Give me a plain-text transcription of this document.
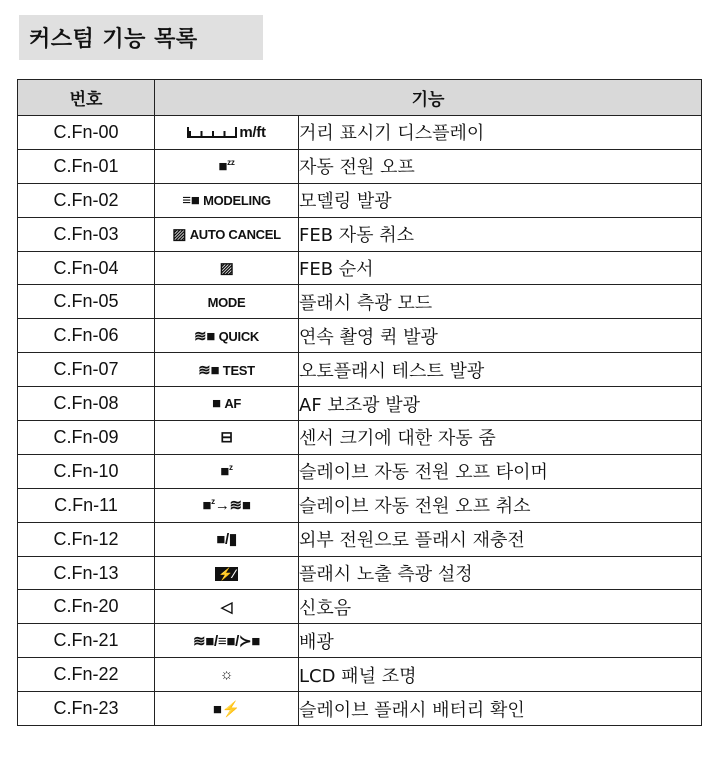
커스텀 기능 목록
번호	기능	
C.Fn-00	m/ft	거리 표시기 디스플레이
C.Fn-01	■$^{zz}$	자동 전원 오프
C.Fn-02	≡■ MODELING	모델링 발광
C.Fn-03	▨ AUTO CANCEL	FEB 자동 취소
C.Fn-04	▨	FEB 순서
C.Fn-05	MODE	플래시 측광 모드
C.Fn-06	≋■ QUICK	연속 촬영 퀵 발광
C.Fn-07	≋■ TEST	오토플래시 테스트 발광
C.Fn-08	■ AF	AF 보조광 발광
C.Fn-09	⊟	센서 크기에 대한 자동 줌
C.Fn-10	■$^z$	슬레이브 자동 전원 오프 타이머
C.Fn-11	■$^z$→≋■	슬레이브 자동 전원 오프 취소
C.Fn-12	■/▮	외부 전원으로 플래시 재충전
C.Fn-13	⚡⁄	플래시 노출 측광 설정
C.Fn-20	◁	신호음
C.Fn-21	≋■/≡■/≻■	배광
C.Fn-22	☼	LCD 패널 조명
C.Fn-23	■⚡	슬레이브 플래시 배터리 확인
